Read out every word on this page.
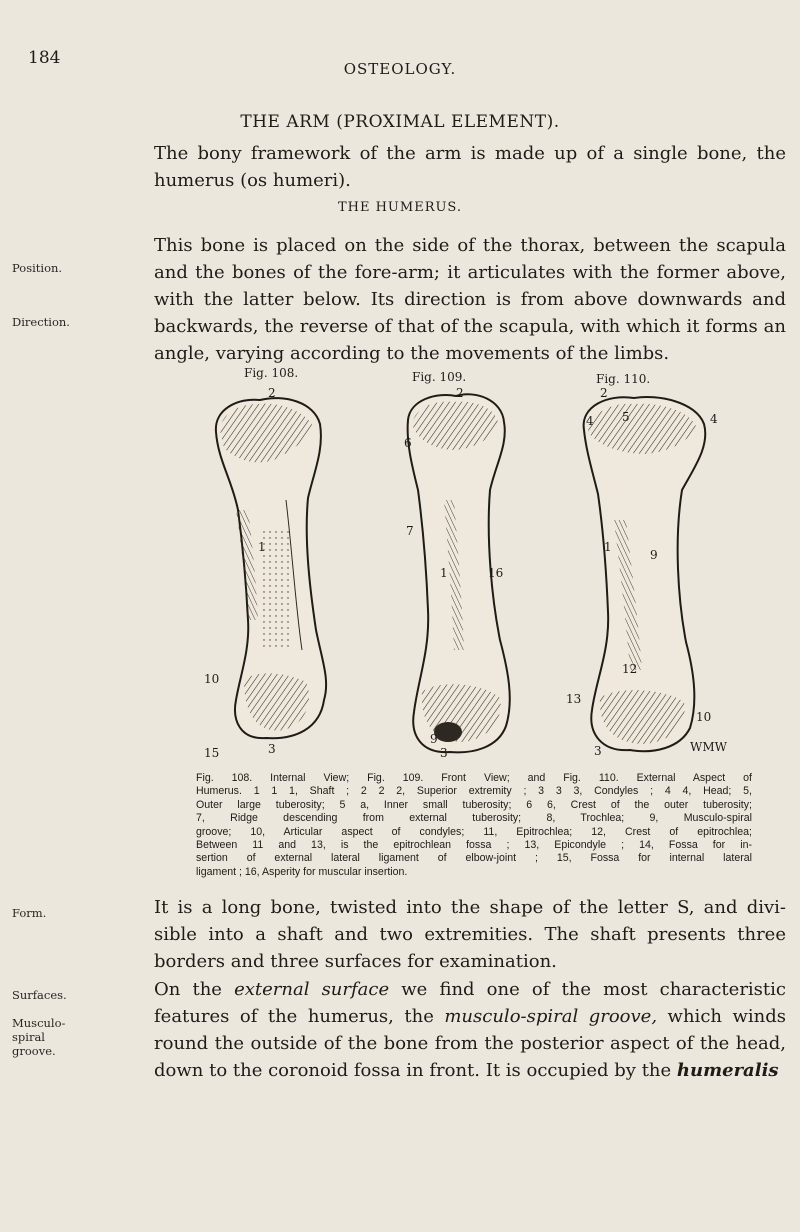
184
OSTEOLOGY.
THE ARM (PROXIMAL ELEMENT).
The bony framework of the arm is made up of a single bone, the
humerus (os humeri).
THE HUMERUS.
This bone is placed on the side of the thorax, between the scapula
and the bones of the fore-arm; it articulates with the former above,
with the latter below. Its direction is from above downwards and
backwards, the reverse of that of the scapula, with which it forms an
angle, varying according to the movements of the limbs.
Position.
Direction.
Fig. 108.	Fig. 109.	Fig. 110.
2
1
10
3
15
2
6
7
1	16
9
3
2
5
4	4
1
9
12
13
10
3	WMW
Fig. 108. Internal View; Fig. 109. Front View; and Fig. 110. External Aspect of
Humerus. 1 1 1, Shaft ; 2 2 2, Superior extremity ; 3 3 3, Condyles ; 4 4, Head; 5,
Outer large tuberosity; 5 a, Inner small tuberosity; 6 6, Crest of the outer tuberosity;
7, Ridge descending from external tuberosity; 8, Trochlea; 9, Musculo-spiral
groove; 10, Articular aspect of condyles; 11, Epitrochlea; 12, Crest of epitrochlea;
Between 11 and 13, is the epitrochlean fossa ; 13, Epicondyle ; 14, Fossa for in-
sertion of external lateral ligament of elbow-joint ; 15, Fossa for internal lateral
ligament ; 16, Asperity for muscular insertion.
It is a long bone, twisted into the shape of the letter S, and divi-
sible into a shaft and two extremities. The shaft presents three
borders and three surfaces for examination.
Form.
On the external surface we find one of the most characteristic
features of the humerus, the musculo-spiral groove, which winds
round the outside of the bone from the posterior aspect of the head,
down to the coronoid fossa in front. It is occupied by the humeralis
Surfaces.
Musculo-
spiral
groove.
